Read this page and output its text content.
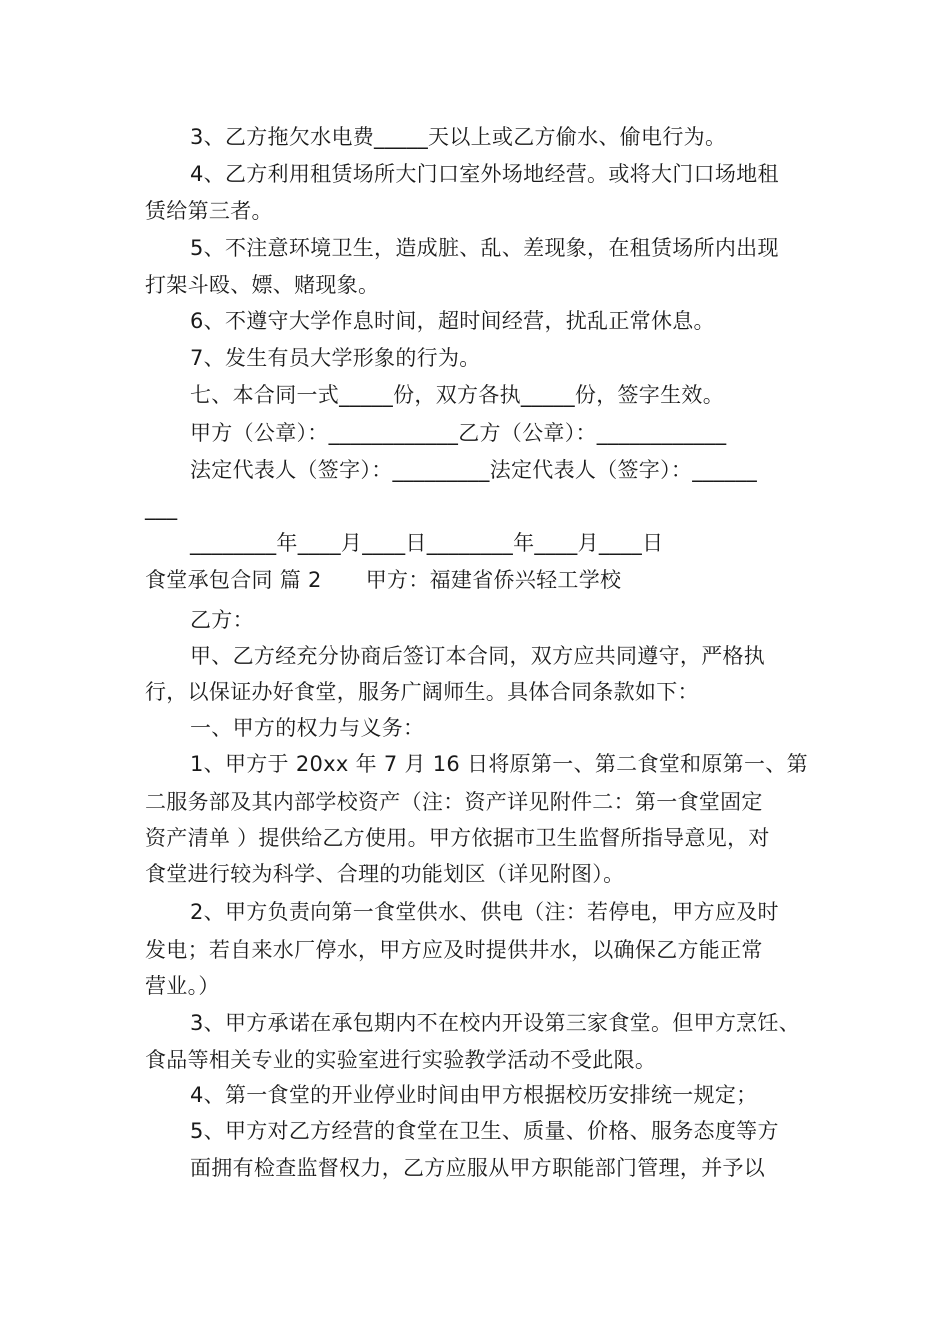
3、乙方拖欠水电费_____天以上或乙方偷水、偷电行为。
4、乙方利用租赁场所大门口室外场地经营。或将大门口场地租
赁给第三者。
5、不注意环境卫生，造成脏、乱、差现象，在租赁场所内出现
打架斗殴、嫖、赌现象。
6、不遵守大学作息时间，超时间经营，扰乱正常休息。
7、发生有员大学形象的行为。
七、本合同一式_____份，双方各执_____份，签字生效。
甲方（公章）：____________乙方（公章）：____________
法定代表人（签字）：_________法定代表人（签字）：______
___
________年____月____日________年____月____日
食堂承包合同 篇 2 甲方：福建省侨兴轻工学校
乙方：
甲、乙方经充分协商后签订本合同，双方应共同遵守，严格执
行，以保证办好食堂，服务广阔师生。具体合同条款如下：
一、甲方的权力与义务：
1、甲方于 20xx 年 7 月 16 日将原第一、第二食堂和原第一、第
二服务部及其内部学校资产（注：资产详见附件二：第一食堂固定
资产清单 ）提供给乙方使用。甲方依据市卫生监督所指导意见，对
食堂进行较为科学、合理的功能划区（详见附图）。
2、甲方负责向第一食堂供水、供电（注：若停电，甲方应及时
发电；若自来水厂停水，甲方应及时提供井水，以确保乙方能正常
营业。）
3、甲方承诺在承包期内不在校内开设第三家食堂。但甲方烹饪、
食品等相关专业的实验室进行实验教学活动不受此限。
4、第一食堂的开业停业时间由甲方根据校历安排统一规定；
5、甲方对乙方经营的食堂在卫生、质量、价格、服务态度等方
面拥有检查监督权力，乙方应服从甲方职能部门管理，并予以
